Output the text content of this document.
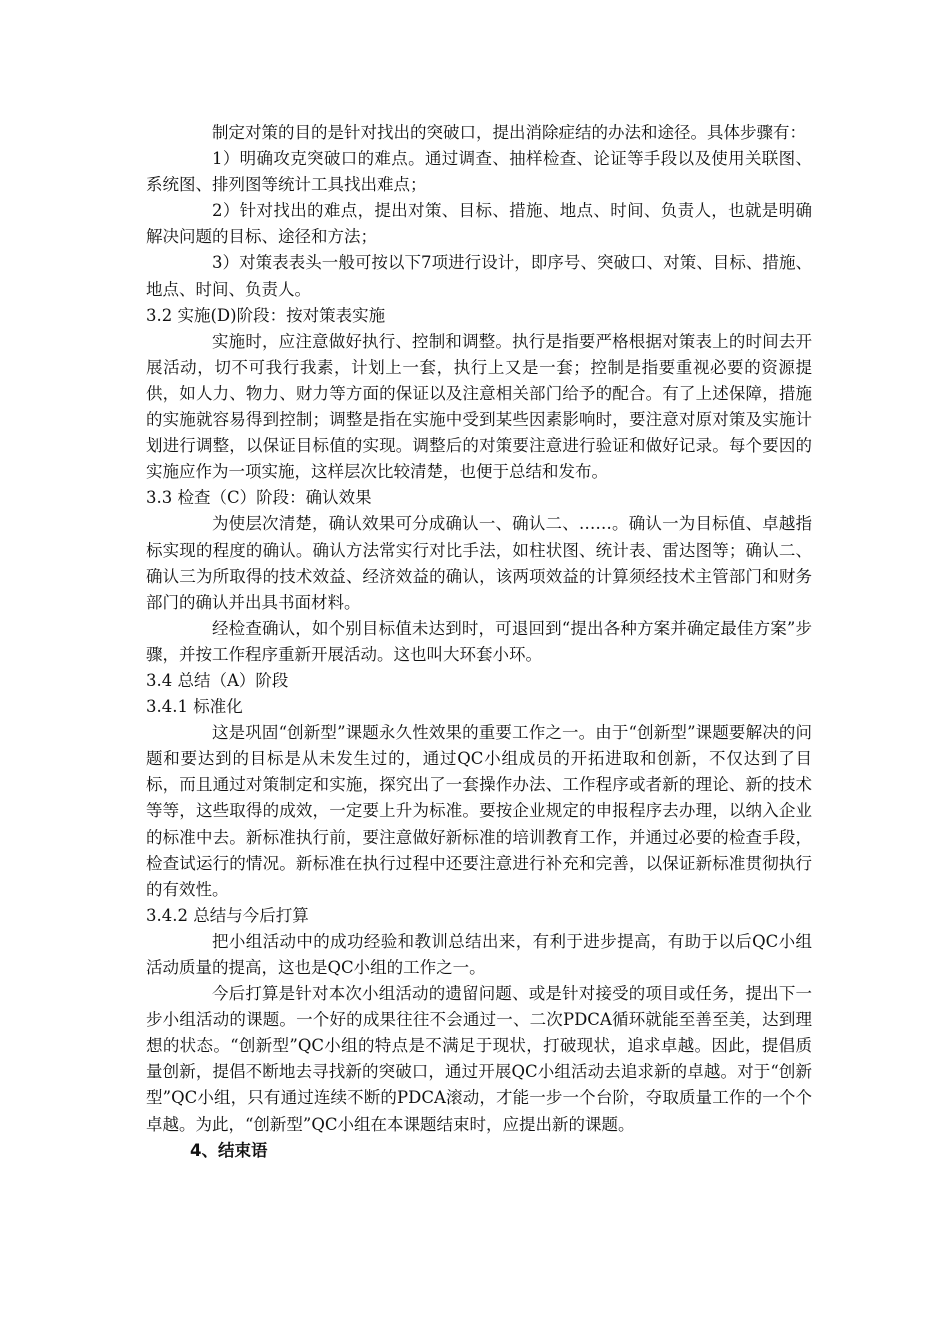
制定对策的目的是针对找出的突破口，提出消除症结的办法和途径。具体步骤有：

1）明确攻克突破口的难点。通过调查、抽样检查、论证等手段以及使用关联图、系统图、排列图等统计工具找出难点；

2）针对找出的难点，提出对策、目标、措施、地点、时间、负责人，也就是明确解决问题的目标、途径和方法；

3）对策表表头一般可按以下7项进行设计，即序号、突破口、对策、目标、措施、地点、时间、负责人。

3.2 实施(D)阶段：按对策表实施

实施时，应注意做好执行、控制和调整。执行是指要严格根据对策表上的时间去开展活动，切不可我行我素，计划上一套，执行上又是一套；控制是指要重视必要的资源提供，如人力、物力、财力等方面的保证以及注意相关部门给予的配合。有了上述保障，措施的实施就容易得到控制；调整是指在实施中受到某些因素影响时，要注意对原对策及实施计划进行调整，以保证目标值的实现。调整后的对策要注意进行验证和做好记录。每个要因的实施应作为一项实施，这样层次比较清楚，也便于总结和发布。

3.3 检查（C）阶段：确认效果

为使层次清楚，确认效果可分成确认一、确认二、……。确认一为目标值、卓越指标实现的程度的确认。确认方法常实行对比手法，如柱状图、统计表、雷达图等；确认二、确认三为所取得的技术效益、经济效益的确认，该两项效益的计算须经技术主管部门和财务部门的确认并出具书面材料。

经检查确认，如个别目标值未达到时，可退回到“提出各种方案并确定最佳方案”步骤，并按工作程序重新开展活动。这也叫大环套小环。

3.4 总结（A）阶段

3.4.1 标准化

这是巩固“创新型”课题永久性效果的重要工作之一。由于“创新型”课题要解决的问题和要达到的目标是从未发生过的，通过QC小组成员的开拓进取和创新，不仅达到了目标，而且通过对策制定和实施，探究出了一套操作办法、工作程序或者新的理论、新的技术等等，这些取得的成效，一定要上升为标准。要按企业规定的申报程序去办理，以纳入企业的标准中去。新标准执行前，要注意做好新标准的培训教育工作，并通过必要的检查手段，检查试运行的情况。新标准在执行过程中还要注意进行补充和完善，以保证新标准贯彻执行的有效性。

3.4.2 总结与今后打算

把小组活动中的成功经验和教训总结出来，有利于进步提高，有助于以后QC小组活动质量的提高，这也是QC小组的工作之一。

今后打算是针对本次小组活动的遗留问题、或是针对接受的项目或任务，提出下一步小组活动的课题。一个好的成果往往不会通过一、二次PDCA循环就能至善至美，达到理想的状态。“创新型”QC小组的特点是不满足于现状，打破现状，追求卓越。因此，提倡质量创新，提倡不断地去寻找新的突破口，通过开展QC小组活动去追求新的卓越。对于“创新型”QC小组，只有通过连续不断的PDCA滚动，才能一步一个台阶，夺取质量工作的一个个卓越。为此，“创新型”QC小组在本课题结束时，应提出新的课题。

4、结束语
